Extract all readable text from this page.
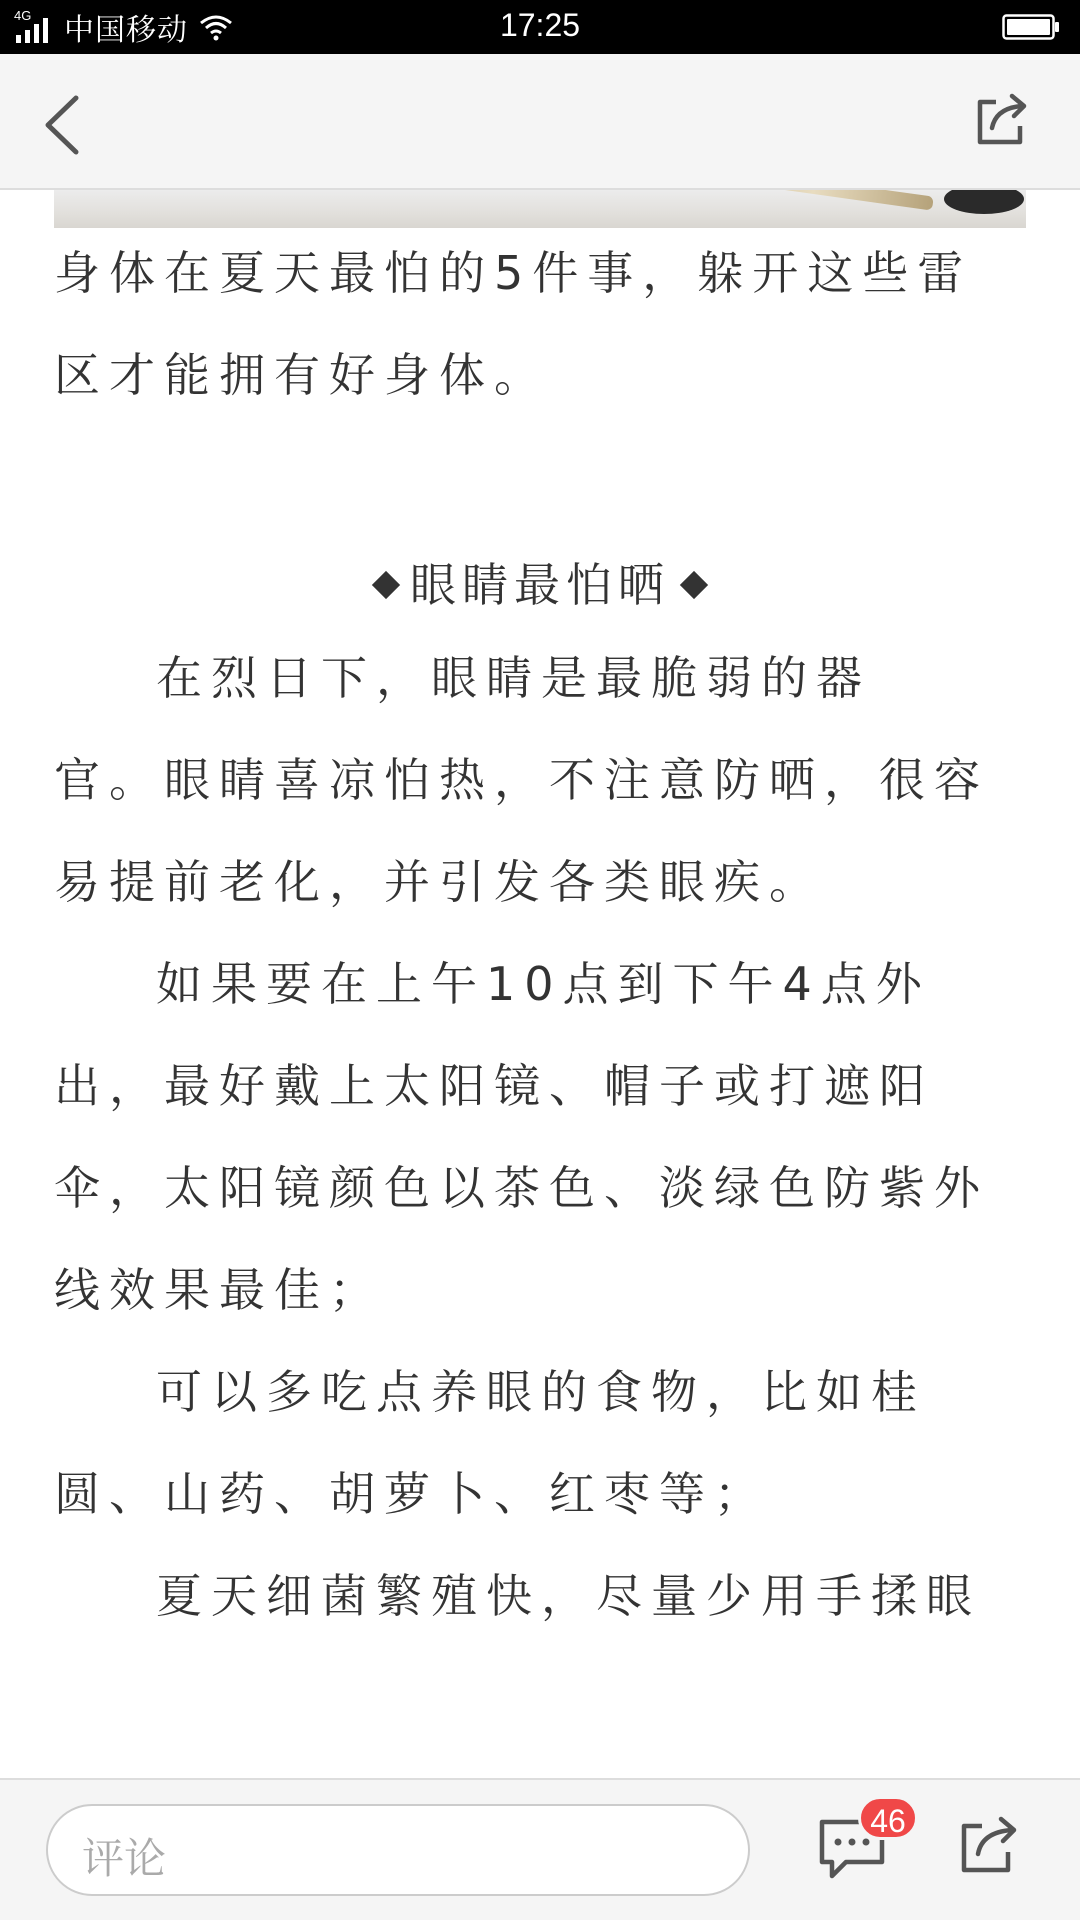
4G 中国移动	17:25
身体在夏天最怕的5件事，躲开这些雷
区才能拥有好身体。
眼睛最怕晒
在烈日下，眼睛是最脆弱的器
官。眼睛喜凉怕热，不注意防晒，很容
易提前老化，并引发各类眼疾。
如果要在上午10点到下午4点外
出，最好戴上太阳镜、帽子或打遮阳
伞，太阳镜颜色以茶色、淡绿色防紫外
线效果最佳；
可以多吃点养眼的食物，比如桂
圆、山药、胡萝卜、红枣等；
夏天细菌繁殖快，尽量少用手揉眼
评论
46
